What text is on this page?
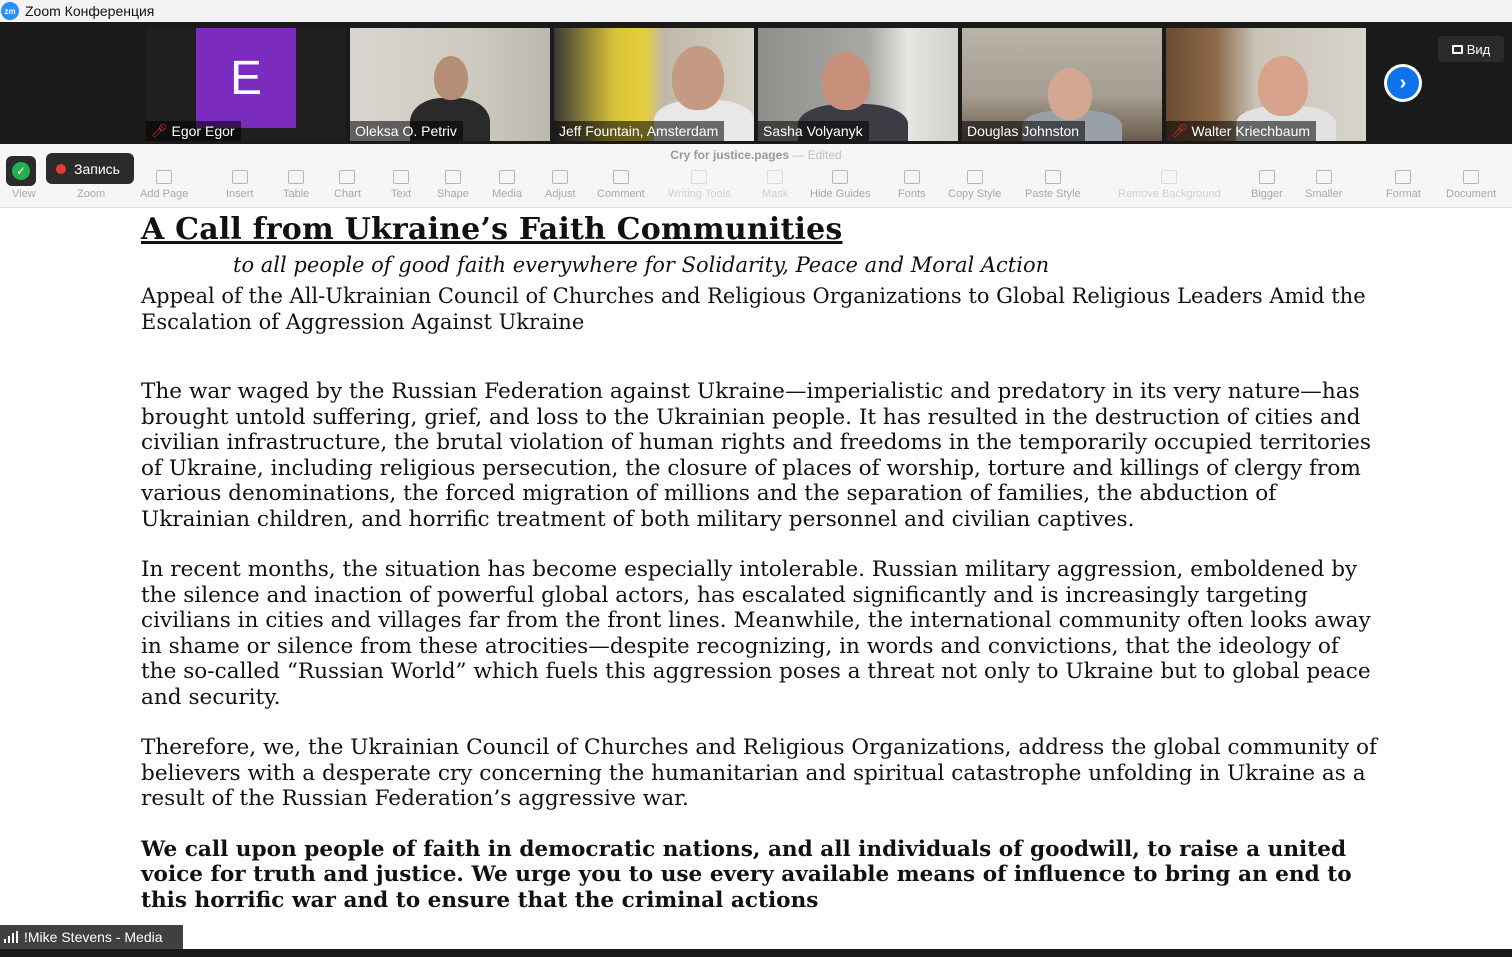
zm Zoom Конференция
E
🎤︎ Egor Egor	Oleksa O. Petriv	Jeff Fountain, Amsterdam	Sasha Volyanyk	Douglas Johnston	🎤︎ Walter Kriechbaum
›
Вид
Cry for justice.pages — Edited
View	Zoom	Add Page	Insert	Table Chart	Text Shape Media Adjust Comment Writing Tools	Mask Hide Guides Fonts Copy Style Paste Style	Remove Background	Bigger Smaller	Format Document
✓	Запись
A Call from Ukraine’s Faith Communities
to all people of good faith everywhere for Solidarity, Peace and Moral Action
Appeal of the All-Ukrainian Council of Churches and Religious Organizations to Global Religious Leaders Amid the Escalation of Aggression Against Ukraine
The war waged by the Russian Federation against Ukraine—imperialistic and predatory in its very nature—has brought untold suffering, grief, and loss to the Ukrainian people. It has resulted in the destruction of cities and civilian infrastructure, the brutal violation of human rights and freedoms in the temporarily occupied territories of Ukraine, including religious persecution, the closure of places of worship, torture and killings of clergy from various denominations, the forced migration of millions and the separation of families, the abduction of Ukrainian children, and horrific treatment of both military personnel and civilian captives.
In recent months, the situation has become especially intolerable. Russian military aggression, emboldened by the silence and inaction of powerful global actors, has escalated significantly and is increasingly targeting civilians in cities and villages far from the front lines. Meanwhile, the international community often looks away in shame or silence from these atrocities—despite recognizing, in words and convictions, that the ideology of the so-called “Russian World” which fuels this aggression poses a threat not only to Ukraine but to global peace and security.
Therefore, we, the Ukrainian Council of Churches and Religious Organizations, address the global community of believers with a desperate cry concerning the humanitarian and spiritual catastrophe unfolding in Ukraine as a result of the Russian Federation’s aggressive war.
We call upon people of faith in democratic nations, and all individuals of goodwill, to raise a united voice for truth and justice. We urge you to use every available means of influence to bring an end to this horrific war and to ensure that the criminal actions
!Mike Stevens - Media
